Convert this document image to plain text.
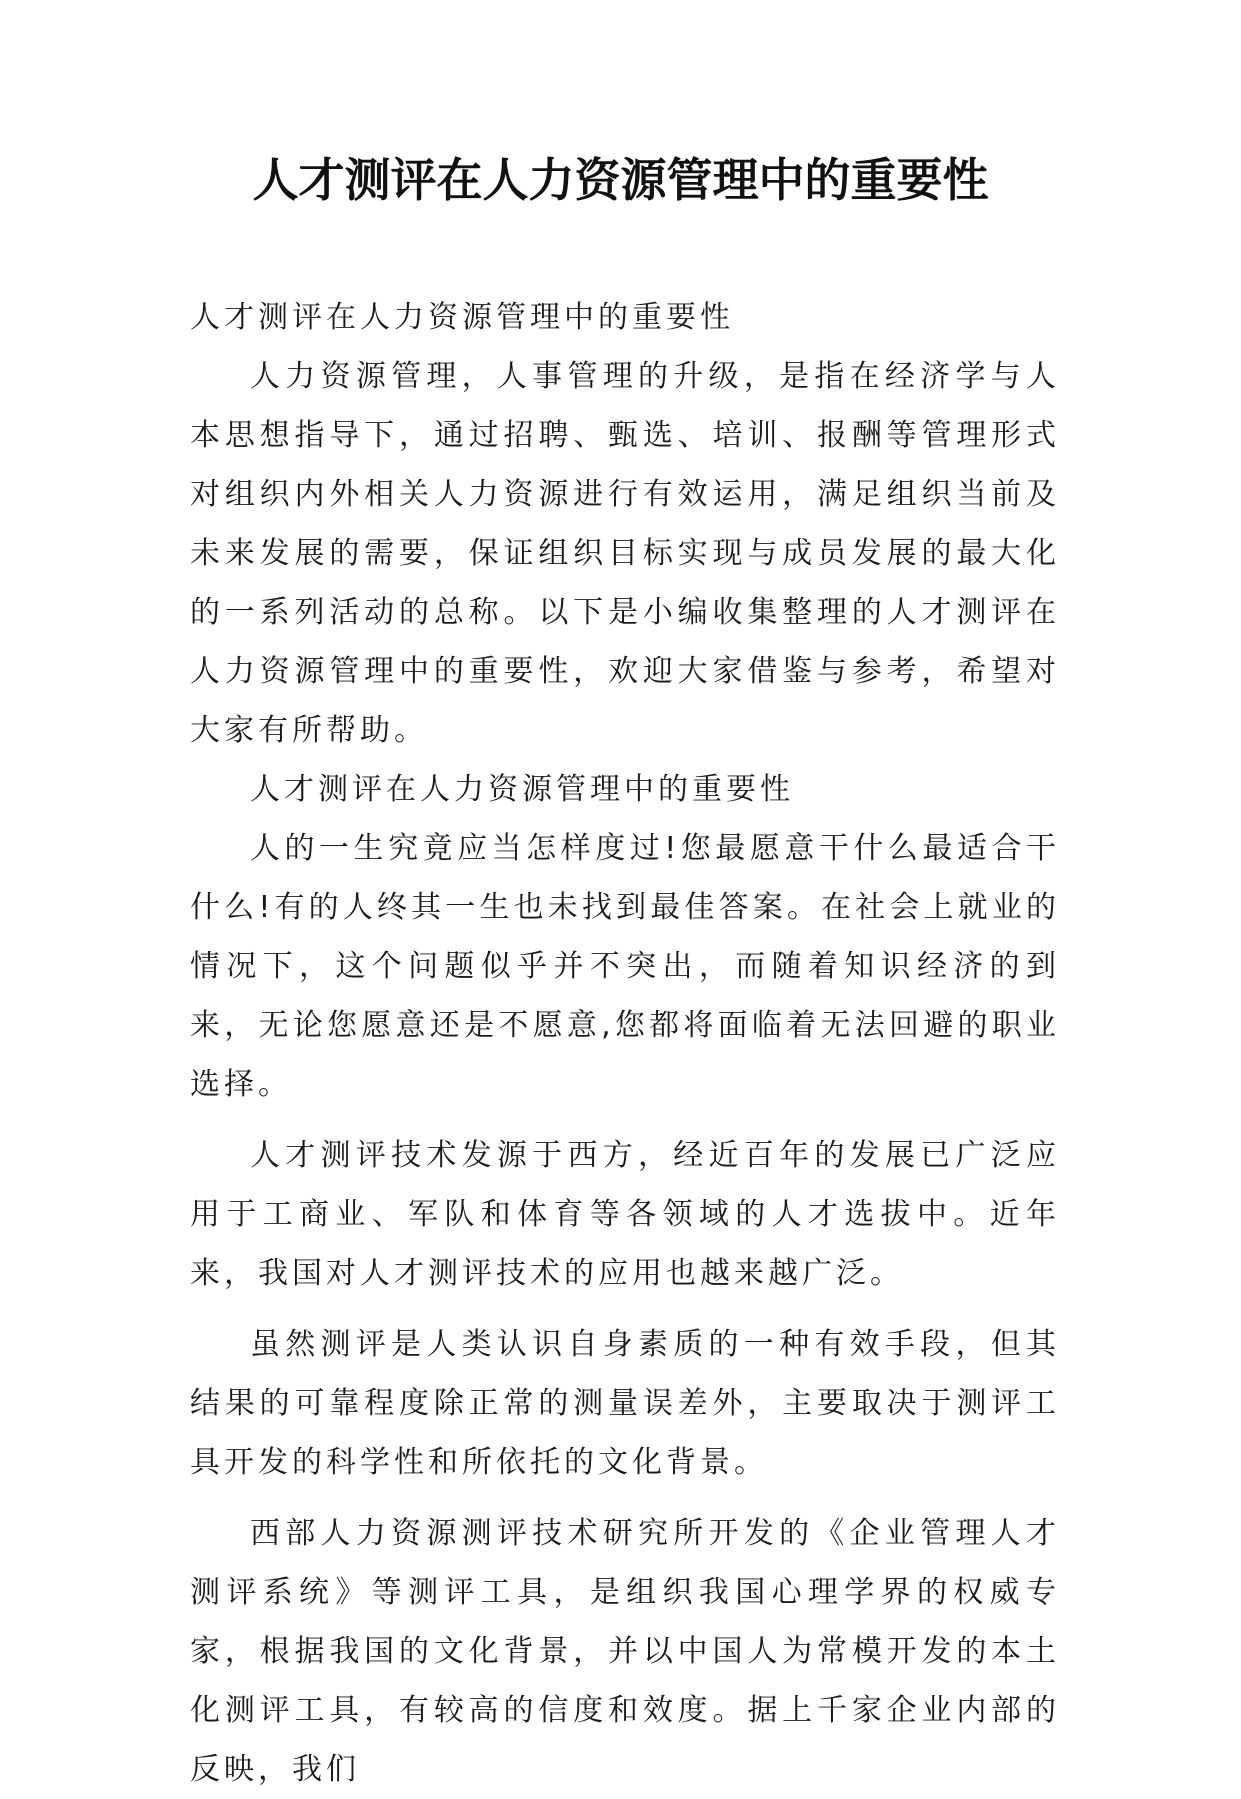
人才测评在人力资源管理中的重要性

人才测评在人力资源管理中的重要性

人力资源管理，人事管理的升级，是指在经济学与人本思想指导下，通过招聘、甄选、培训、报酬等管理形式对组织内外相关人力资源进行有效运用，满足组织当前及未来发展的需要，保证组织目标实现与成员发展的最大化的一系列活动的总称。以下是小编收集整理的人才测评在人力资源管理中的重要性，欢迎大家借鉴与参考，希望对大家有所帮助。

人才测评在人力资源管理中的重要性

人的一生究竟应当怎样度过!您最愿意干什么最适合干什么!有的人终其一生也未找到最佳答案。在社会上就业的情况下，这个问题似乎并不突出，而随着知识经济的到来，无论您愿意还是不愿意,您都将面临着无法回避的职业选择。

人才测评技术发源于西方，经近百年的发展已广泛应用于工商业、军队和体育等各领域的人才选拔中。近年来，我国对人才测评技术的应用也越来越广泛。

虽然测评是人类认识自身素质的一种有效手段，但其结果的可靠程度除正常的测量误差外，主要取决于测评工具开发的科学性和所依托的文化背景。

西部人力资源测评技术研究所开发的《企业管理人才测评系统》等测评工具，是组织我国心理学界的权威专家，根据我国的文化背景，并以中国人为常模开发的本土化测评工具，有较高的信度和效度。据上千家企业内部的反映，我们
